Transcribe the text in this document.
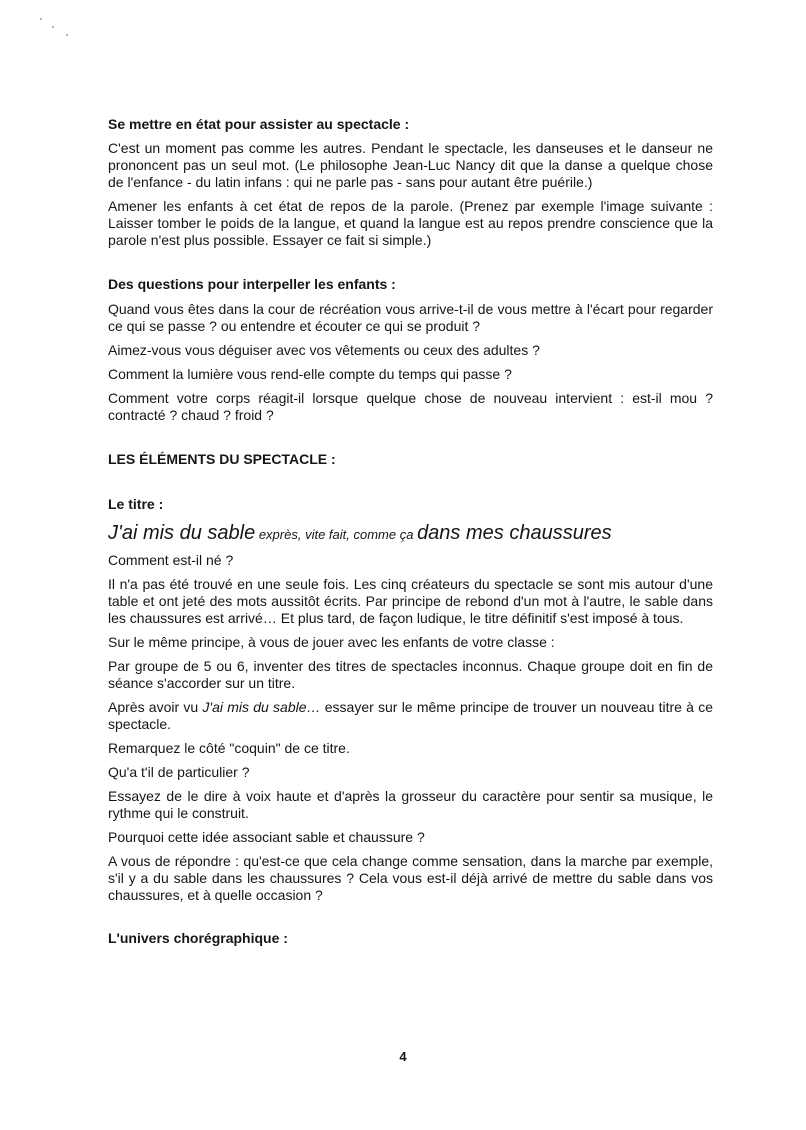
Se mettre en état pour assister au spectacle :

C'est un moment pas comme les autres. Pendant le spectacle, les danseuses et le danseur ne prononcent pas un seul mot. (Le philosophe Jean-Luc Nancy dit que la danse a quelque chose de l'enfance - du latin infans : qui ne parle pas - sans pour autant être puérile.)

Amener les enfants à cet état de repos de la parole. (Prenez par exemple l'image suivante : Laisser tomber le poids de la langue, et quand la langue est au repos prendre conscience que la parole n'est plus possible. Essayer ce fait si simple.)

Des questions pour interpeller les enfants :

Quand vous êtes dans la cour de récréation vous arrive-t-il de vous mettre à l'écart pour regarder ce qui se passe ? ou entendre et écouter ce qui se produit ?

Aimez-vous vous déguiser avec vos vêtements ou ceux des adultes ?

Comment la lumière vous rend-elle compte du temps qui passe ?

Comment votre corps réagit-il lorsque quelque chose de nouveau intervient : est-il mou ? contracté ? chaud ? froid ?

LES ÉLÉMENTS DU SPECTACLE :
Le titre :
J'ai mis du sable exprès, vite fait, comme ça dans mes chaussures

Comment est-il né ?

Il n'a pas été trouvé en une seule fois. Les cinq créateurs du spectacle se sont mis autour d'une table et ont jeté des mots aussitôt écrits. Par principe de rebond d'un mot à l'autre, le sable dans les chaussures est arrivé… Et plus tard, de façon ludique, le titre définitif s'est imposé à tous.

Sur le même principe, à vous de jouer avec les enfants de votre classe :

Par groupe de 5 ou 6, inventer des titres de spectacles inconnus. Chaque groupe doit en fin de séance s'accorder sur un titre.

Après avoir vu J'ai mis du sable… essayer sur le même principe de trouver un nouveau titre à ce spectacle.

Remarquez le côté "coquin" de ce titre.

Qu'a t'il de particulier ?

Essayez de le dire à voix haute et d'après la grosseur du caractère pour sentir sa musique, le rythme qui le construit.

Pourquoi cette idée associant sable et chaussure ?

A vous de répondre : qu'est-ce que cela change comme sensation, dans la marche par exemple, s'il y a du sable dans les chaussures ? Cela vous est-il déjà arrivé de mettre du sable dans vos chaussures, et à quelle occasion ?

L'univers chorégraphique :
4
